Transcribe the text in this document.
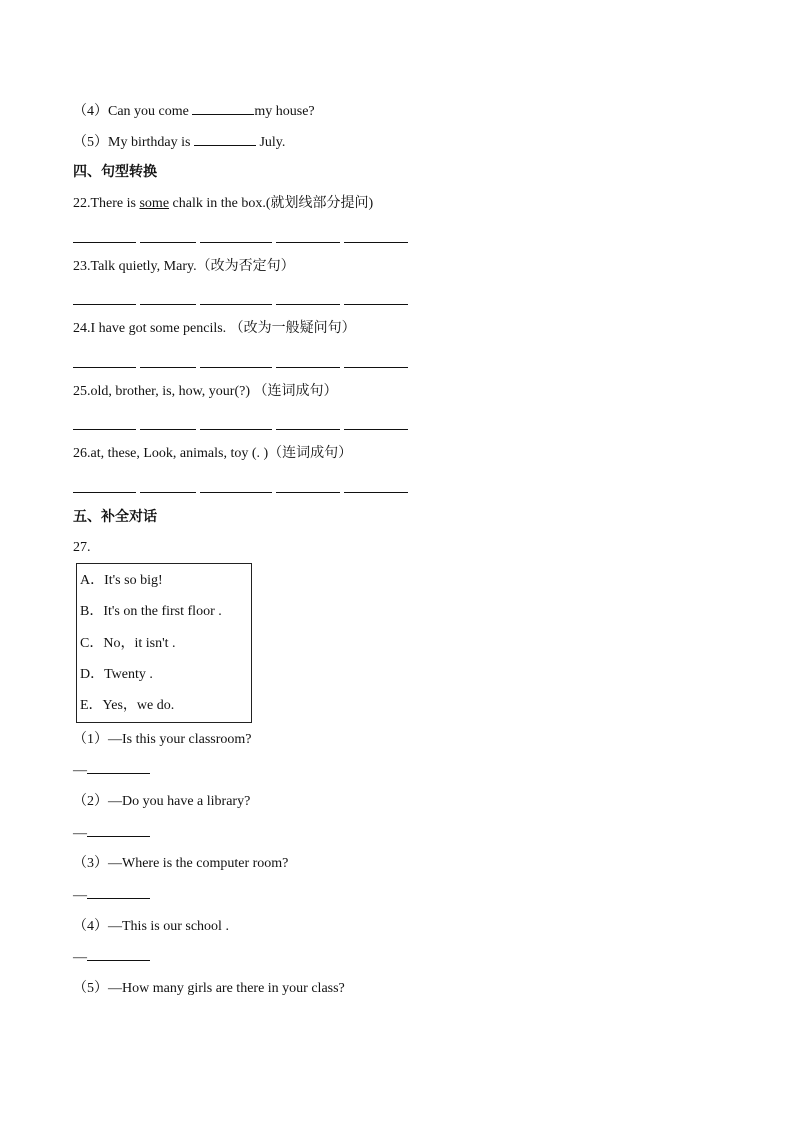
（4）Can you come	my house?
（5）My birthday is	July.
四、句型转换
22.There is some chalk in the box.(就划线部分提问)
23.Talk quietly, Mary.（改为否定句）
24.I have got some pencils. （改为一般疑问句）
25.old, brother, is, how, your(?) （连词成句）
26.at, these, Look, animals, toy (. )（连词成句）
五、补全对话
27.
A．It's so big!
B．It's on the first floor .
C．No，it isn't .
D．Twenty .
E．Yes，we do.
（1）—Is this your classroom?
—
（2）—Do you have a library?
—
（3）—Where is the computer room?
—
（4）—This is our school .
—
（5）—How many girls are there in your class?
